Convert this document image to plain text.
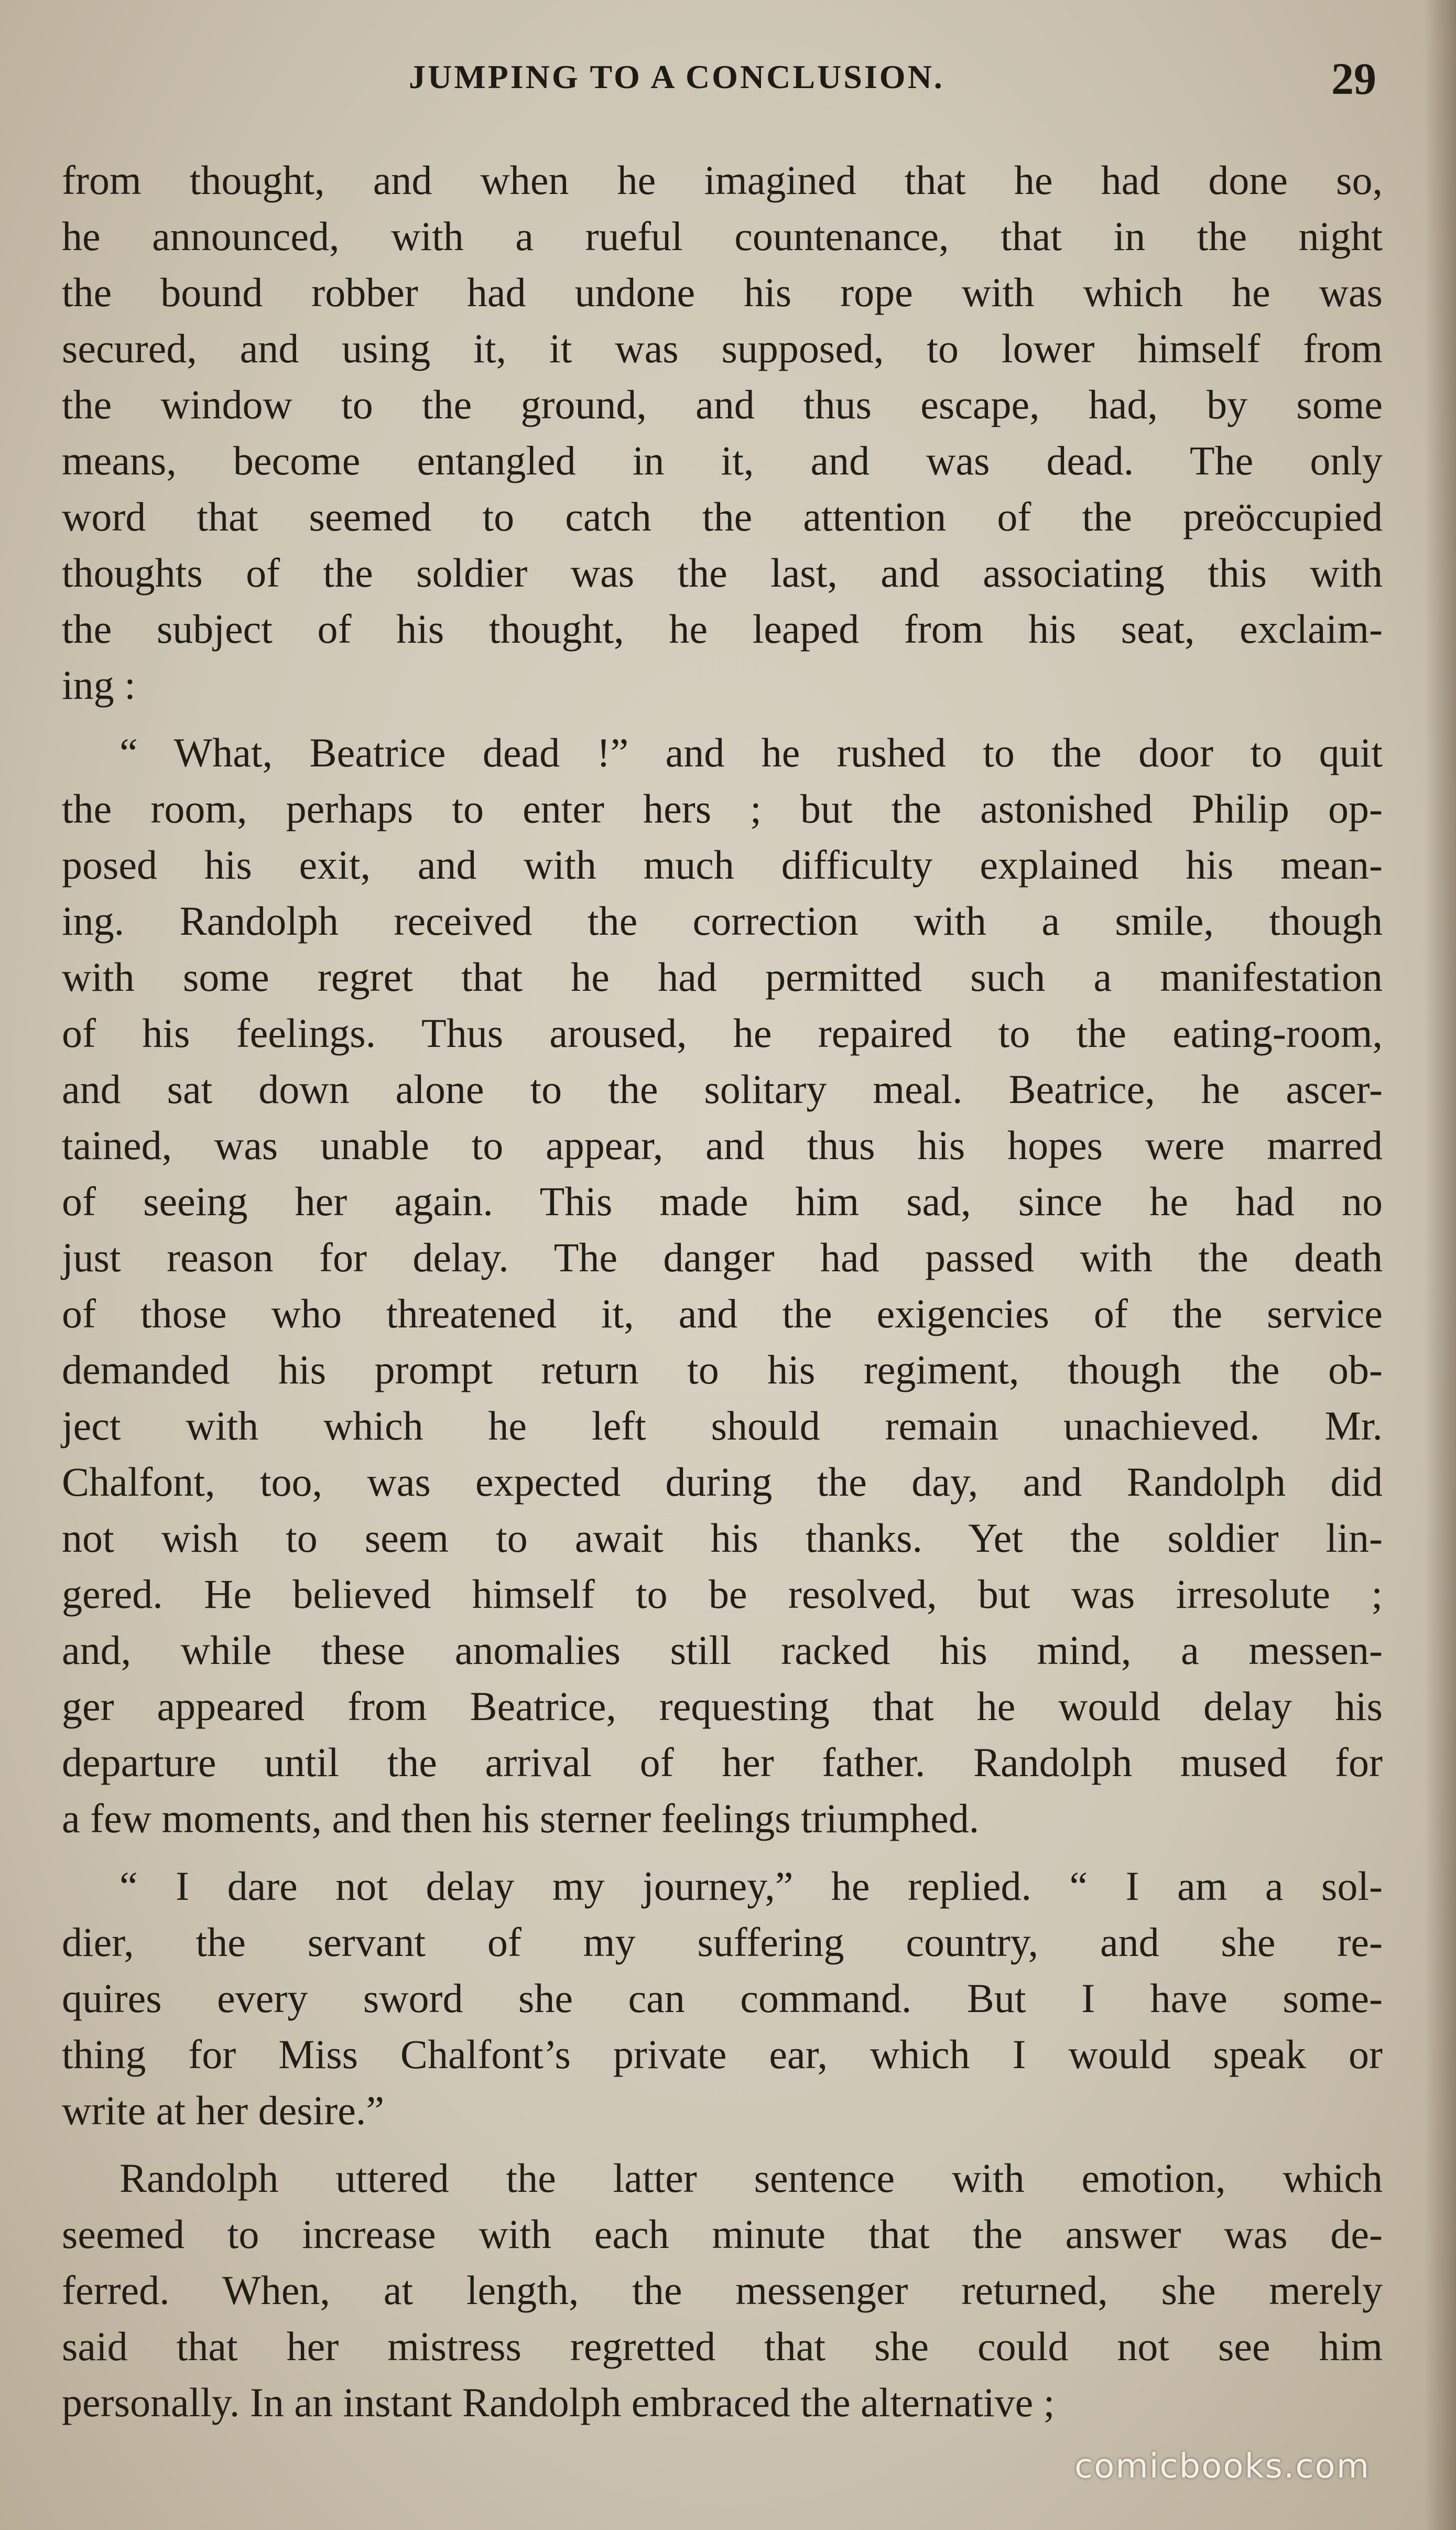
JUMPING TO A CONCLUSION.	29
from thought, and when he imagined that he had done so,
he announced, with a rueful countenance, that in the night
the bound robber had undone his rope with which he was
secured, and using it, it was supposed, to lower himself from
the window to the ground, and thus escape, had, by some
means, become entangled in it, and was dead. The only
word that seemed to catch the attention of the preöccupied
thoughts of the soldier was the last, and associating this with
the subject of his thought, he leaped from his seat, exclaim-
ing :
“ What, Beatrice dead !” and he rushed to the door to quit
the room, perhaps to enter hers ; but the astonished Philip op-
posed his exit, and with much difficulty explained his mean-
ing. Randolph received the correction with a smile, though
with some regret that he had permitted such a manifestation
of his feelings. Thus aroused, he repaired to the eating-room,
and sat down alone to the solitary meal. Beatrice, he ascer-
tained, was unable to appear, and thus his hopes were marred
of seeing her again. This made him sad, since he had no
just reason for delay. The danger had passed with the death
of those who threatened it, and the exigencies of the service
demanded his prompt return to his regiment, though the ob-
ject with which he left should remain unachieved. Mr.
Chalfont, too, was expected during the day, and Randolph did
not wish to seem to await his thanks. Yet the soldier lin-
gered. He believed himself to be resolved, but was irresolute ;
and, while these anomalies still racked his mind, a messen-
ger appeared from Beatrice, requesting that he would delay his
departure until the arrival of her father. Randolph mused for
a few moments, and then his sterner feelings triumphed.
“ I dare not delay my journey,” he replied. “ I am a sol-
dier, the servant of my suffering country, and she re-
quires every sword she can command. But I have some-
thing for Miss Chalfont’s private ear, which I would speak or
write at her desire.”
Randolph uttered the latter sentence with emotion, which
seemed to increase with each minute that the answer was de-
ferred. When, at length, the messenger returned, she merely
said that her mistress regretted that she could not see him
personally. In an instant Randolph embraced the alternative ;
comicbooks.com
